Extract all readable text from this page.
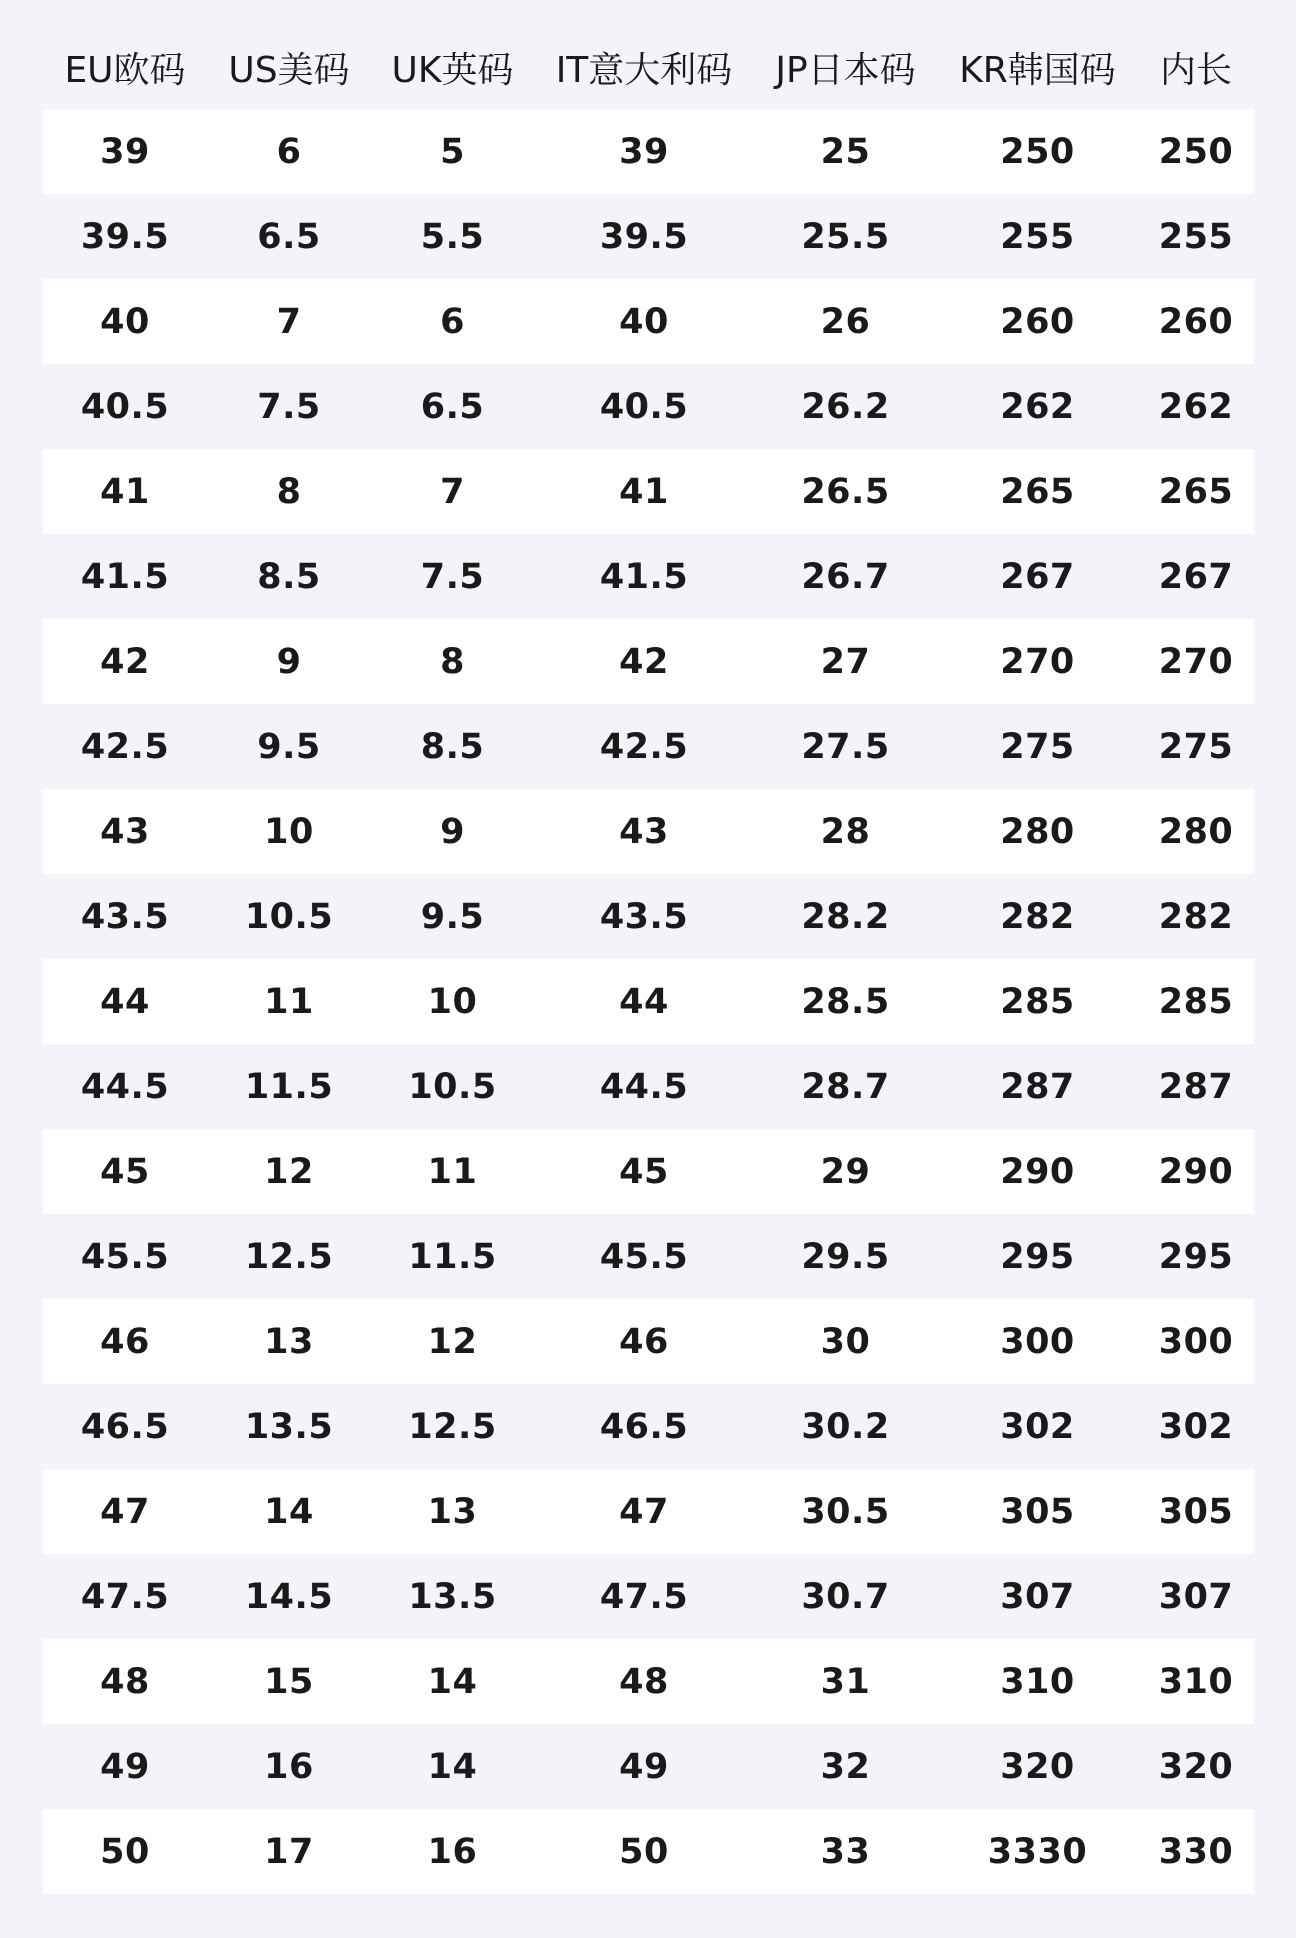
EU欧码	US美码	UK英码	IT意大利码	JP日本码	KR韩国码	内长
39	6	5	39	25	250	250
39.5	6.5	5.5	39.5	25.5	255	255
40	7	6	40	26	260	260
40.5	7.5	6.5	40.5	26.2	262	262
41	8	7	41	26.5	265	265
41.5	8.5	7.5	41.5	26.7	267	267
42	9	8	42	27	270	270
42.5	9.5	8.5	42.5	27.5	275	275
43	10	9	43	28	280	280
43.5	10.5	9.5	43.5	28.2	282	282
44	11	10	44	28.5	285	285
44.5	11.5	10.5	44.5	28.7	287	287
45	12	11	45	29	290	290
45.5	12.5	11.5	45.5	29.5	295	295
46	13	12	46	30	300	300
46.5	13.5	12.5	46.5	30.2	302	302
47	14	13	47	30.5	305	305
47.5	14.5	13.5	47.5	30.7	307	307
48	15	14	48	31	310	310
49	16	14	49	32	320	320
50	17	16	50	33	3330	330
